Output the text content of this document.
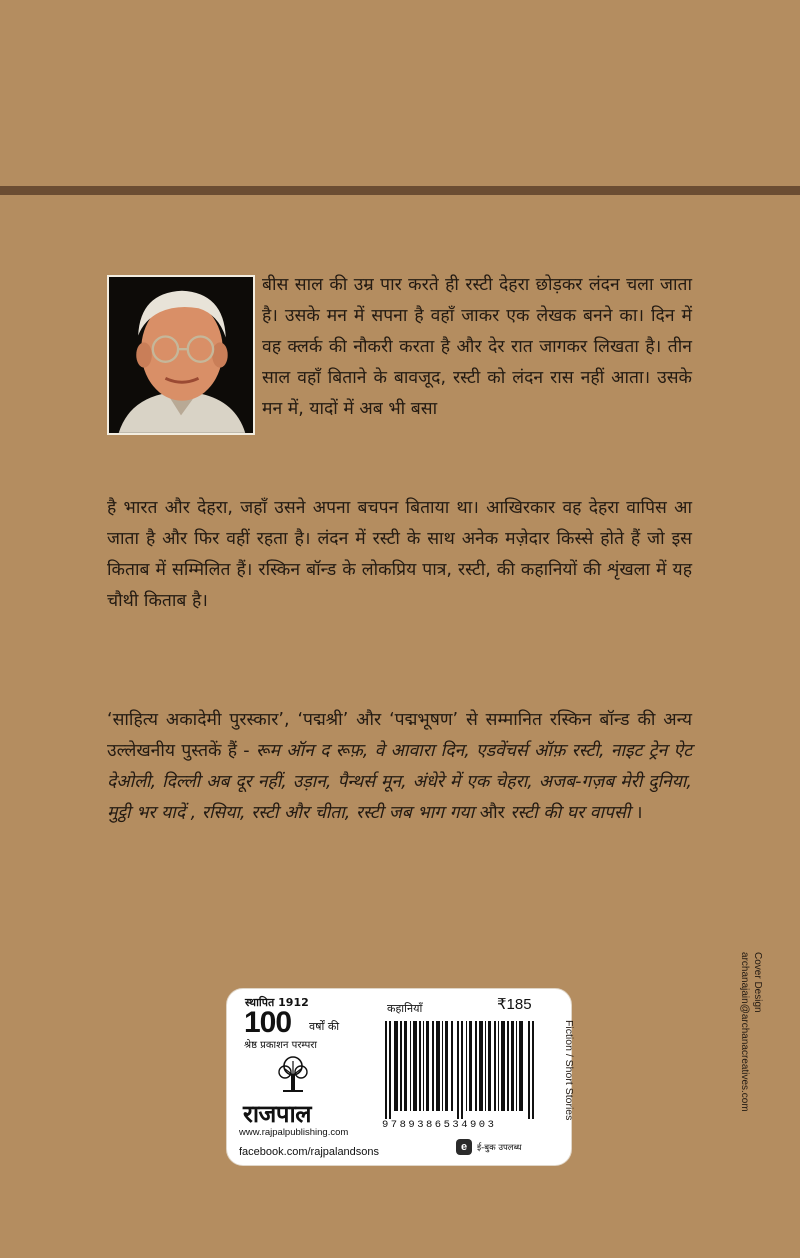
बीस साल की उम्र पार करते ही रस्टी देहरा छोड़कर लंदन चला जाता है। उसके मन में सपना है वहाँ जाकर एक लेखक बनने का। दिन में वह क्लर्क की नौकरी करता है और देर रात जागकर लिखता है। तीन साल वहाँ बिताने के बावजूद, रस्टी को लंदन रास नहीं आता। उसके मन में, यादों में अब भी बसा

है भारत और देहरा, जहाँ उसने अपना बचपन बिताया था। आखिरकार वह देहरा वापिस आ जाता है और फिर वहीं रहता है। लंदन में रस्टी के साथ अनेक मज़ेदार किस्से होते हैं जो इस किताब में सम्मिलित हैं। रस्किन बॉन्ड के लोकप्रिय पात्र, रस्टी, की कहानियों की शृंखला में यह चौथी किताब है।

‘साहित्य अकादेमी पुरस्कार’, ‘पद्मश्री’ और ‘पद्मभूषण’ से सम्मानित रस्किन बॉन्ड की अन्य उल्लेखनीय पुस्तकें हैं - रूम ऑन द रूफ़, वे आवारा दिन, एडवेंचर्स ऑफ़ रस्टी, नाइट ट्रेन ऐट देओली, दिल्ली अब दूर नहीं, उड़ान, पैन्थर्स मून, अंधेरे में एक चेहरा, अजब-गज़ब मेरी दुनिया, मुट्ठी भर यादें , रसिया, रस्टी और चीता, रस्टी जब भाग गया और रस्टी की घर वापसी ।

स्थापित 1912
100 वर्षों की
श्रेष्ठ प्रकाशन परम्परा
राजपाल
www.rajpalpublishing.com
facebook.com/rajpalandsons
कहानियाँ	₹185
9789386534903
e	ई-बुक उपलब्ध
Fiction / Short Stories
Cover Design
archanajain@archanacreatives.com
